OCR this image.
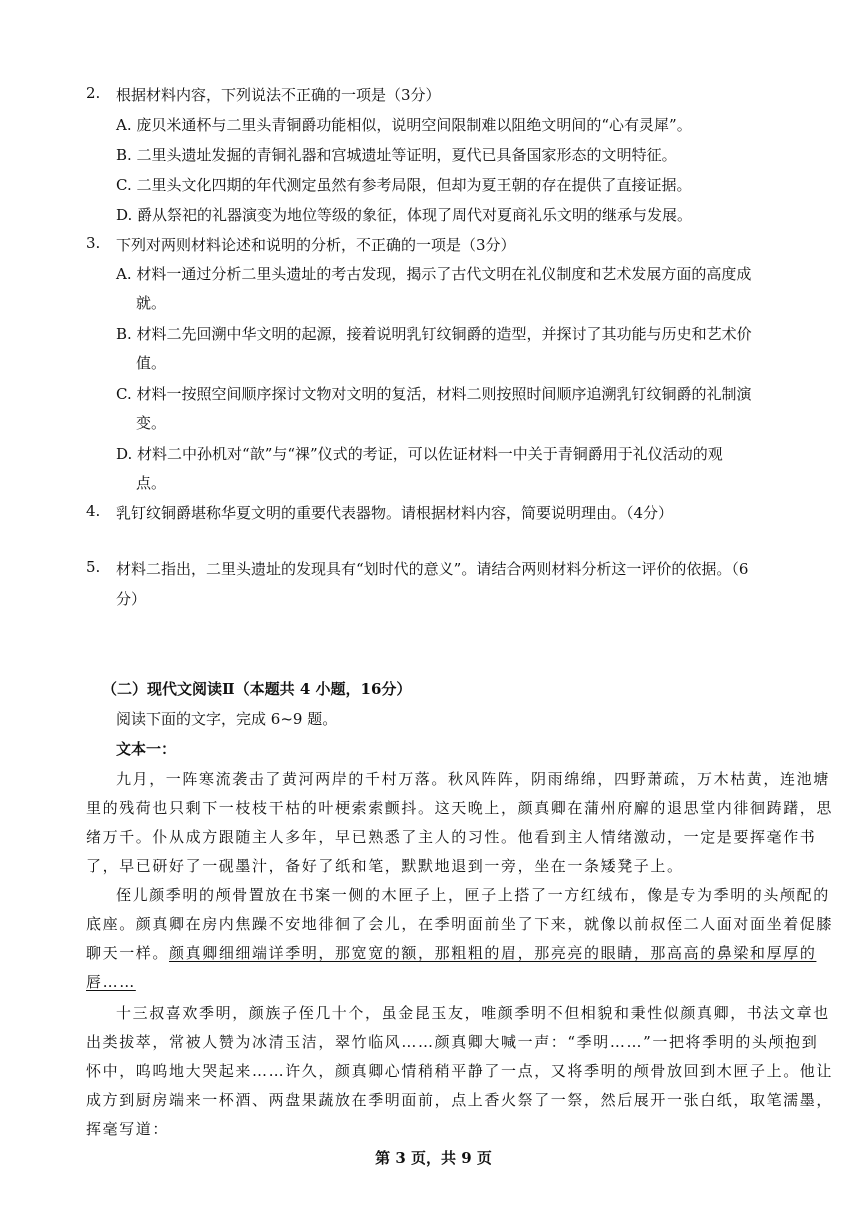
2. 根据材料内容，下列说法不正确的一项是（3分）
A. 庞贝米通杯与二里头青铜爵功能相似，说明空间限制难以阻绝文明间的“心有灵犀”。
B. 二里头遗址发掘的青铜礼器和宫城遗址等证明，夏代已具备国家形态的文明特征。
C. 二里头文化四期的年代测定虽然有参考局限，但却为夏王朝的存在提供了直接证据。
D. 爵从祭祀的礼器演变为地位等级的象征，体现了周代对夏商礼乐文明的继承与发展。
3. 下列对两则材料论述和说明的分析，不正确的一项是（3分）
A. 材料一通过分析二里头遗址的考古发现，揭示了古代文明在礼仪制度和艺术发展方面的高度成
就。
B. 材料二先回溯中华文明的起源，接着说明乳钉纹铜爵的造型，并探讨了其功能与历史和艺术价
值。
C. 材料一按照空间顺序探讨文物对文明的复活，材料二则按照时间顺序追溯乳钉纹铜爵的礼制演
变。
D. 材料二中孙机对“歆”与“祼”仪式的考证，可以佐证材料一中关于青铜爵用于礼仪活动的观
点。
4. 乳钉纹铜爵堪称华夏文明的重要代表器物。请根据材料内容，简要说明理由。（4分）
5. 材料二指出，二里头遗址的发现具有“划时代的意义”。请结合两则材料分析这一评价的依据。（6
分）
（二）现代文阅读Ⅱ（本题共 4 小题，16分）
阅读下面的文字，完成 6~9 题。
文本一：
九月，一阵寒流袭击了黄河两岸的千村万落。秋风阵阵，阴雨绵绵，四野萧疏，万木枯黄，连池塘
里的残荷也只剩下一枝枝干枯的叶梗索索颤抖。这天晚上，颜真卿在蒲州府廨的退思堂内徘徊踌躇，思
绪万千。仆从成方跟随主人多年，早已熟悉了主人的习性。他看到主人情绪激动，一定是要挥毫作书
了，早已研好了一砚墨汁，备好了纸和笔，默默地退到一旁，坐在一条矮凳子上。
侄儿颜季明的颅骨置放在书案一侧的木匣子上，匣子上搭了一方红绒布，像是专为季明的头颅配的
底座。颜真卿在房内焦躁不安地徘徊了会儿，在季明面前坐了下来，就像以前叔侄二人面对面坐着促膝
聊天一样。颜真卿细细端详季明，那宽宽的额，那粗粗的眉，那亮亮的眼睛，那高高的鼻梁和厚厚的
唇……
十三叔喜欢季明，颜族子侄几十个，虽金昆玉友，唯颜季明不但相貌和秉性似颜真卿，书法文章也
出类拔萃，常被人赞为冰清玉洁，翠竹临风……颜真卿大喊一声：“季明……”一把将季明的头颅抱到
怀中，呜呜地大哭起来……许久，颜真卿心情稍稍平静了一点，又将季明的颅骨放回到木匣子上。他让
成方到厨房端来一杯酒、两盘果蔬放在季明面前，点上香火祭了一祭，然后展开一张白纸，取笔濡墨，
挥毫写道：
第 3 页，共 9 页
